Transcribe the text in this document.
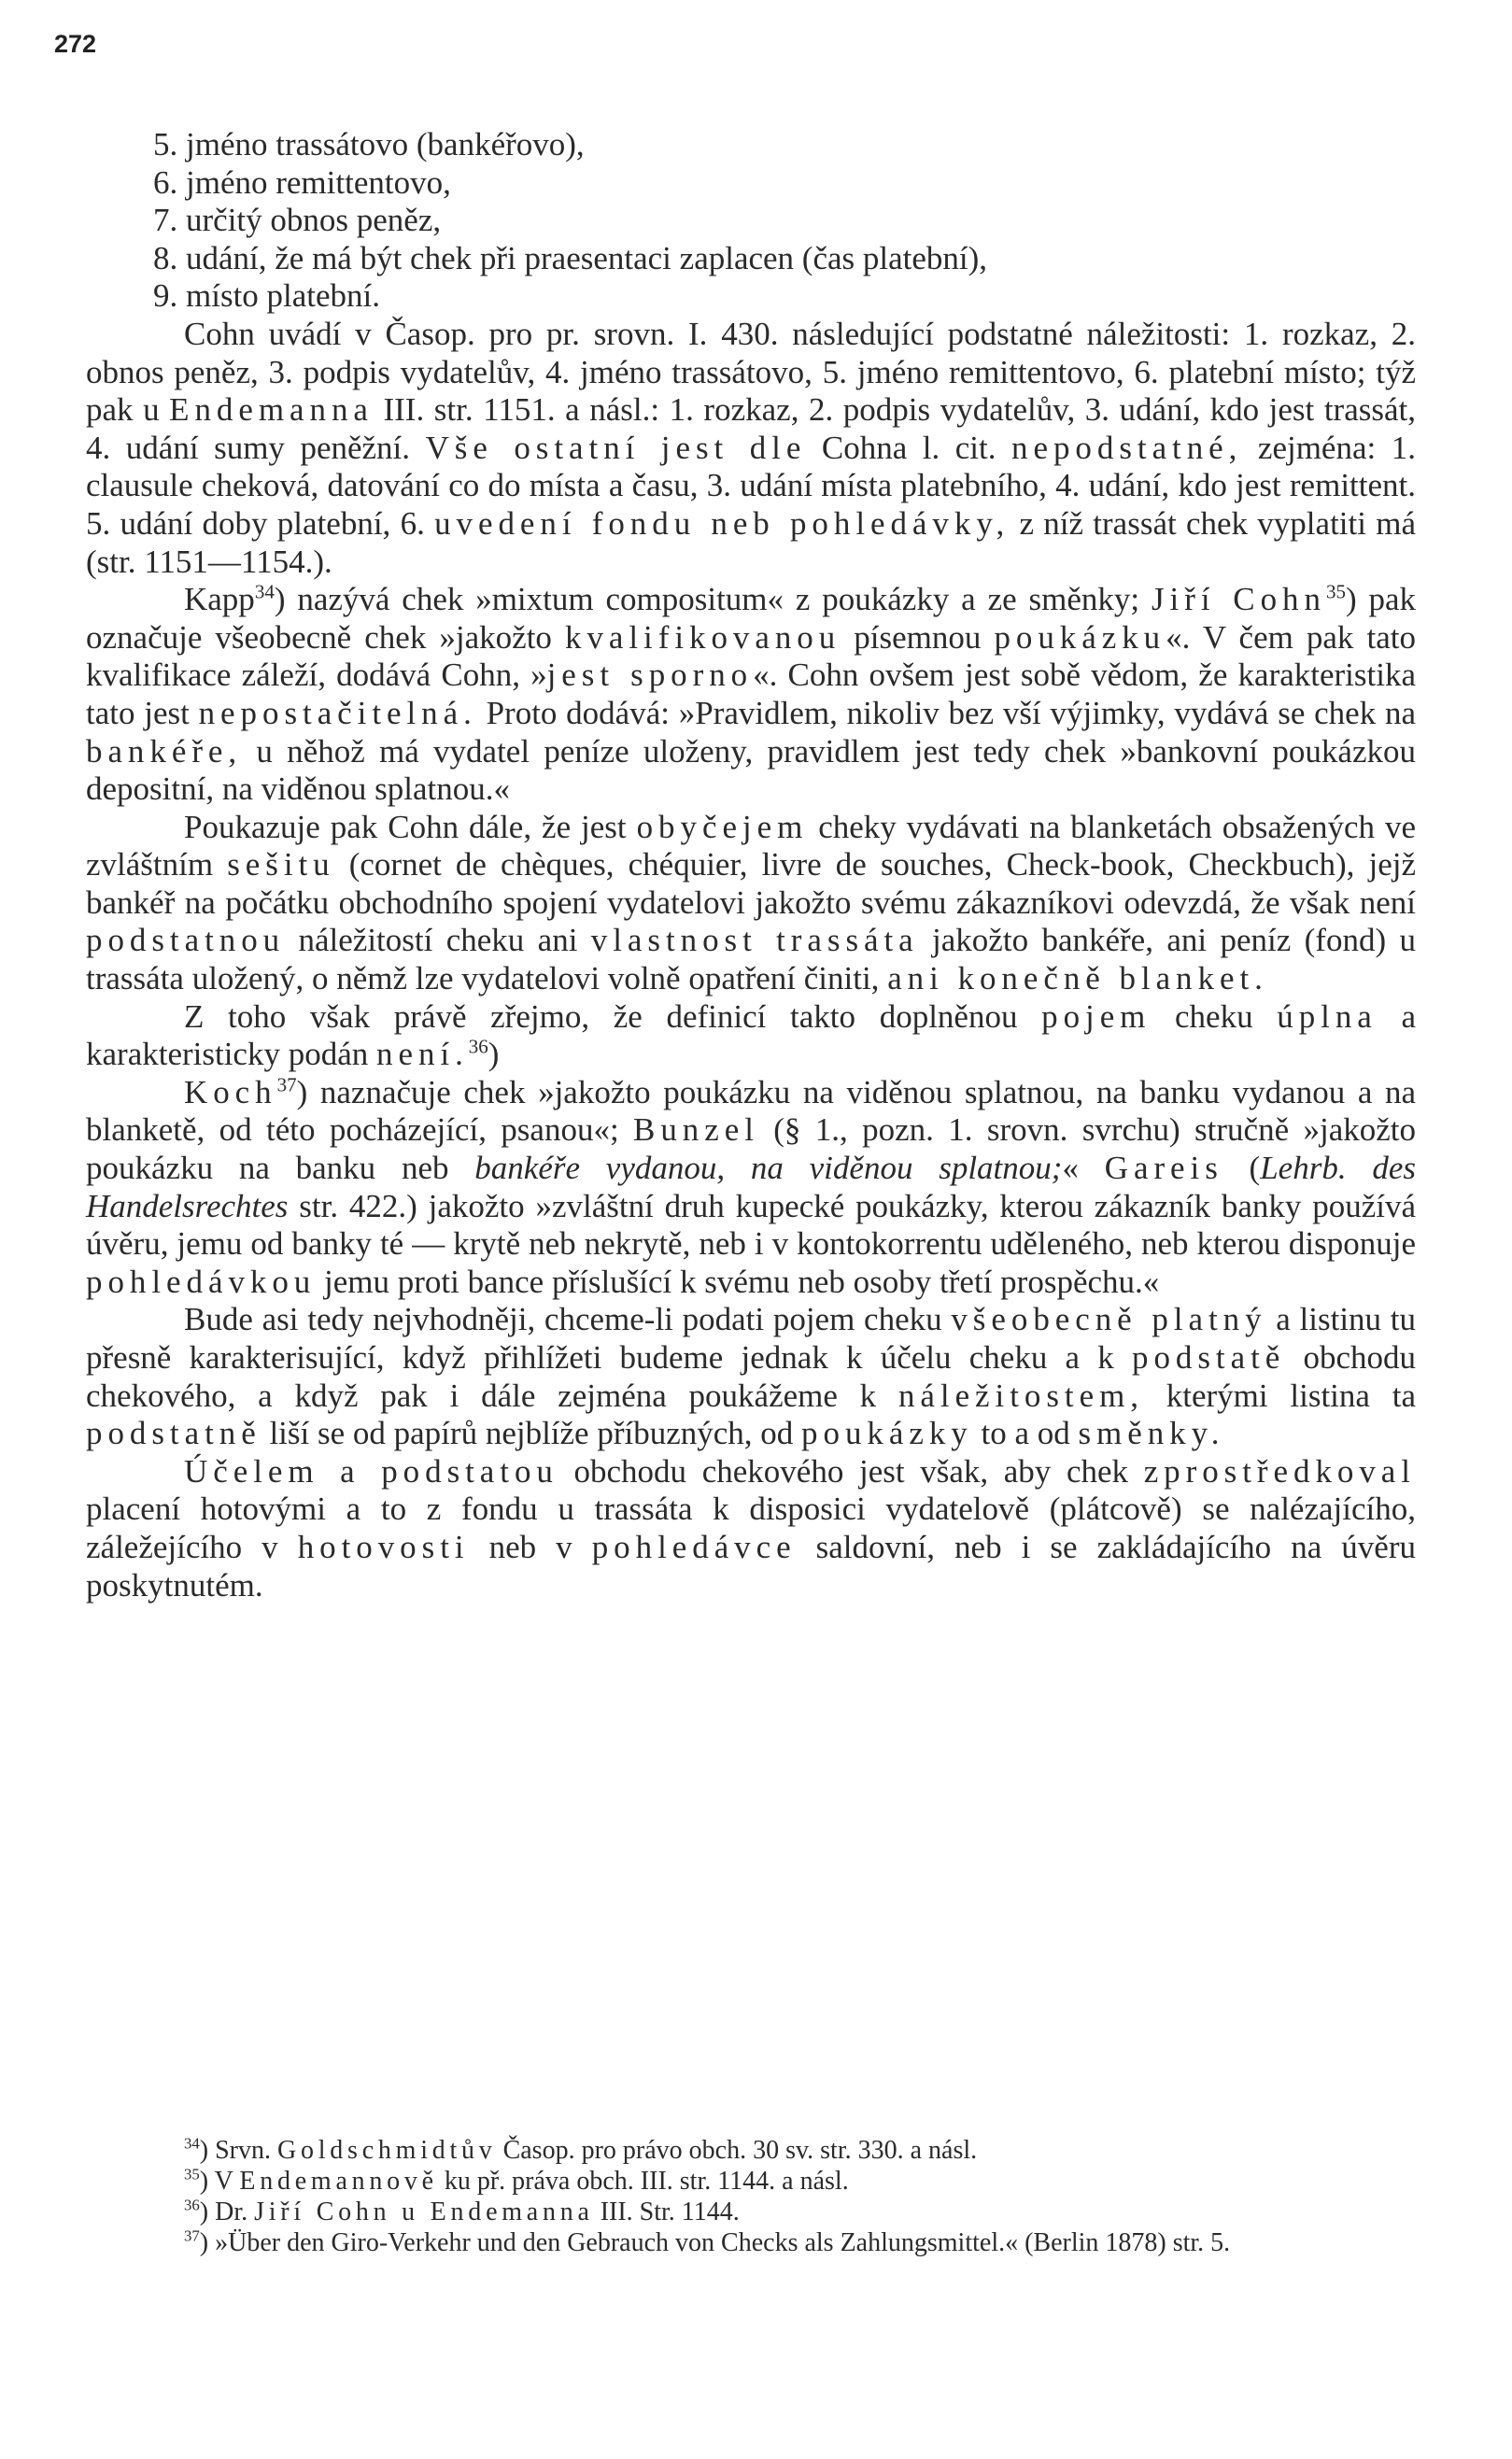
272

5. jméno trassátovo (bankéřovo),

6. jméno remittentovo,

7. určitý obnos peněz,

8. udání, že má být chek při praesentaci zaplacen (čas platební),

9. místo platební.

Cohn uvádí v Časop. pro pr. srovn. I. 430. následující podstatné náležitosti: 1. rozkaz, 2. obnos peněz, 3. podpis vydatelův, 4. jméno trassátovo, 5. jméno remittentovo, 6. platební místo; týž pak u Endemanna III. str. 1151. a násl.: 1. rozkaz, 2. podpis vydatelův, 3. udání, kdo jest trassát, 4. udání sumy peněžní. Vše ostatní jest dle Cohna l. cit. nepodstatné, zejména: 1. clausule cheková, datování co do místa a času, 3. udání místa platebního, 4. udání, kdo jest remittent. 5. udání doby platební, 6. uvedení fondu neb pohledávky, z níž trassát chek vyplatiti má (str. 1151—1154.).

Kapp$^{34}$) nazývá chek »mixtum compositum« z poukázky a ze směnky; Jiří Cohn$^{35}$) pak označuje všeobecně chek »jakožto kvalifikovanou písemnou poukázku«. V čem pak tato kvalifikace záleží, dodává Cohn, »jest sporno«. Cohn ovšem jest sobě vědom, že karakteristika tato jest nepostačitelná. Proto dodává: »Pravidlem, nikoliv bez vší výjimky, vydává se chek na bankéře, u něhož má vydatel peníze uloženy, pravidlem jest tedy chek »bankovní poukázkou depositní, na viděnou splatnou.«

Poukazuje pak Cohn dále, že jest obyčejem cheky vydávati na blanketách obsažených ve zvláštním sešitu (cornet de chèques, chéquier, livre de souches, Check-book, Checkbuch), jejž bankéř na počátku obchodního spojení vydatelovi jakožto svému zákazníkovi odevzdá, že však není podstatnou náležitostí cheku ani vlastnost trassáta jakožto bankéře, ani peníz (fond) u trassáta uložený, o němž lze vydatelovi volně opatření činiti, ani konečně blanket.

Z toho však právě zřejmo, že definicí takto doplněnou pojem cheku úplna a karakteristicky podán není.$^{36}$)

Koch$^{37}$) naznačuje chek »jakožto poukázku na viděnou splatnou, na banku vydanou a na blanketě, od této pocházející, psanou«; Bunzel (§ 1., pozn. 1. srovn. svrchu) stručně »jakožto poukázku na banku neb bankéře vydanou, na viděnou splatnou;« Gareis (Lehrb. des Handelsrechtes str. 422.) jakožto »zvláštní druh kupecké poukázky, kterou zákazník banky používá úvěru, jemu od banky té — krytě neb nekrytě, neb i v kontokorrentu uděleného, neb kterou disponuje pohledávkou jemu proti bance příslušící k svému neb osoby třetí prospěchu.«

Bude asi tedy nejvhodněji, chceme-li podati pojem cheku všeobecně platný a listinu tu přesně karakterisující, když přihlížeti budeme jednak k účelu cheku a k podstatě obchodu chekového, a když pak i dále zejména poukážeme k náležitostem, kterými listina ta podstatně liší se od papírů nejblíže příbuzných, od poukázky to a od směnky.

Účelem a podstatou obchodu chekového jest však, aby chek zprostředkoval placení hotovými a to z fondu u trassáta k disposici vydatelově (plátcově) se nalézajícího, záležejícího v hotovosti neb v pohledávce saldovní, neb i se zakládajícího na úvěru poskytnutém.

$^{34}$) Srvn. Goldschmidtův Časop. pro právo obch. 30 sv. str. 330. a násl.

$^{35}$) V Endemannově ku př. práva obch. III. str. 1144. a násl.

$^{36}$) Dr. Jiří Cohn u Endemanna III. Str. 1144.

$^{37}$) »Über den Giro-Verkehr und den Gebrauch von Checks als Zahlungsmittel.« (Berlin 1878) str. 5.
